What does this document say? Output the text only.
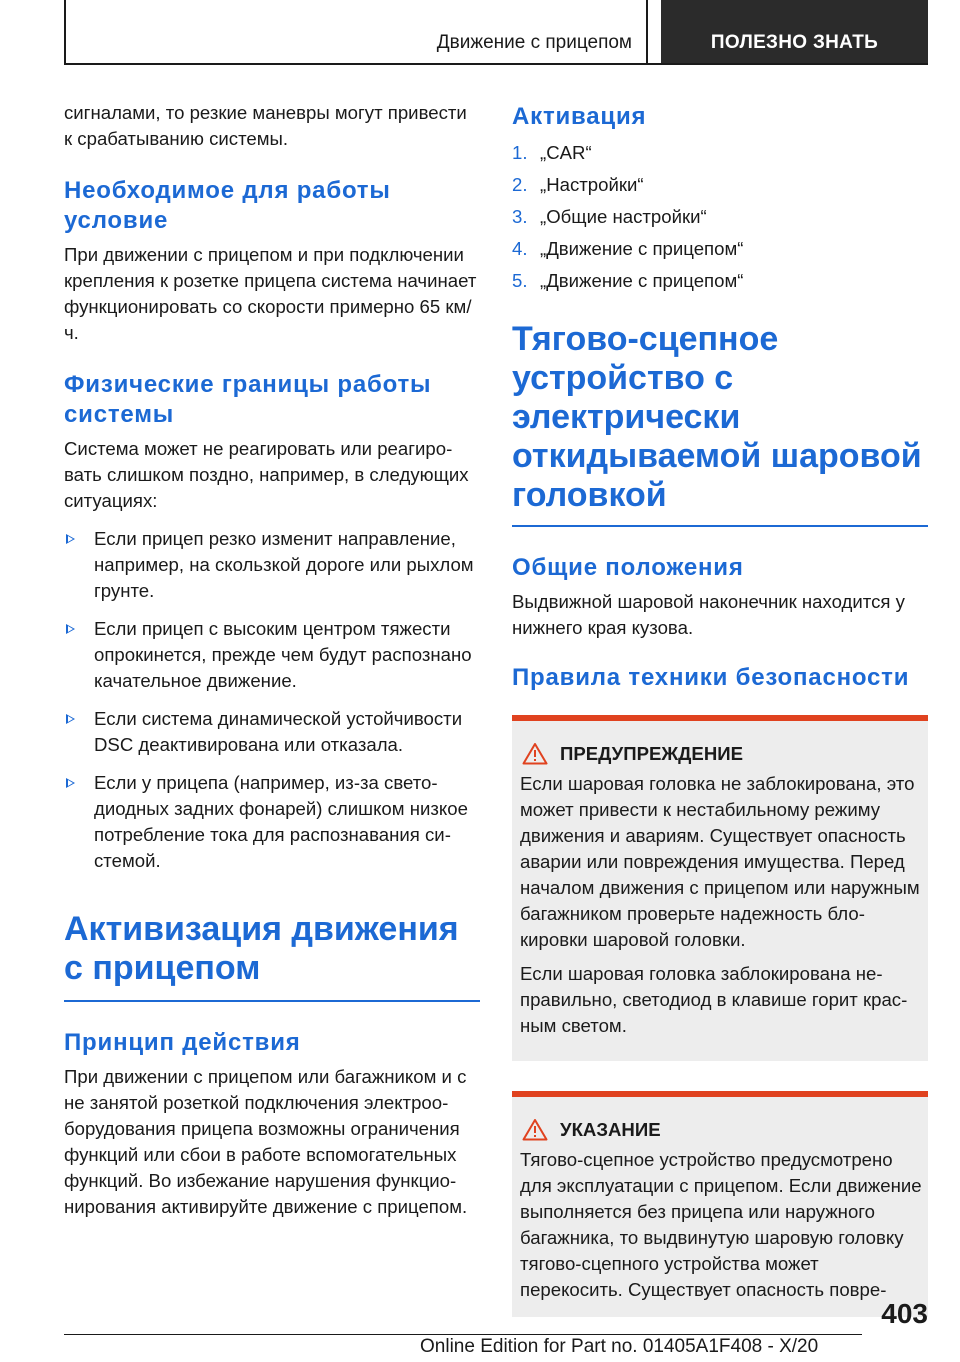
Движение с прицепом	ПОЛЕЗНО ЗНАТЬ

сигналами, то резкие маневры могут привести к срабатыванию системы.

Необходимое для работы условие

При движении с прицепом и при подключении крепления к розетке прицепа система начинает функционировать со скорости примерно 65 км/ч.

Физические границы работы системы

Система может не реагировать или реагировать слишком поздно, например, в следующих ситуациях:

Если прицеп резко изменит направление, например, на скользкой дороге или рыхлом грунте.
Если прицеп с высоким центром тяжести опрокинется, прежде чем будут распознано качательное движение.
Если система динамической устойчивости DSC деактивирована или отказала.
Если у прицепа (например, из-за светодиодных задних фонарей) слишком низкое потребление тока для распознавания системой.
Активизация движения с прицепом
Принцип действия

При движении с прицепом или багажником и с не занятой розеткой подключения электрооборудования прицепа возможны ограничения функций или сбои в работе вспомогательных функций. Во избежание нарушения функционирования активируйте движение с прицепом.

Активация
1. „CAR“
2. „Настройки“
3. „Общие настройки“
4. „Движение с прицепом“
5. „Движение с прицепом“
Тягово-сцепное устройство с электрически откидываемой шаровой головкой
Общие положения

Выдвижной шаровой наконечник находится у нижнего края кузова.

Правила техники безопасности
ПРЕДУПРЕЖДЕНИЕ

Если шаровая головка не заблокирована, это может привести к нестабильному режиму движения и авариям. Существует опасность аварии или повреждения имущества. Перед началом движения с прицепом или наружным багажником проверьте надежность блокировки шаровой головки.

Если шаровая головка заблокирована неправильно, светодиод в клавише горит красным светом.

УКАЗАНИЕ

Тягово-сцепное устройство предусмотрено для эксплуатации с прицепом. Если движение выполняется без прицепа или наружного багажника, то выдвинутую шаровую головку тягово-сцепного устройства может перекосить. Существует опасность повре-

403
Online Edition for Part no. 01405A1F408 - X/20
